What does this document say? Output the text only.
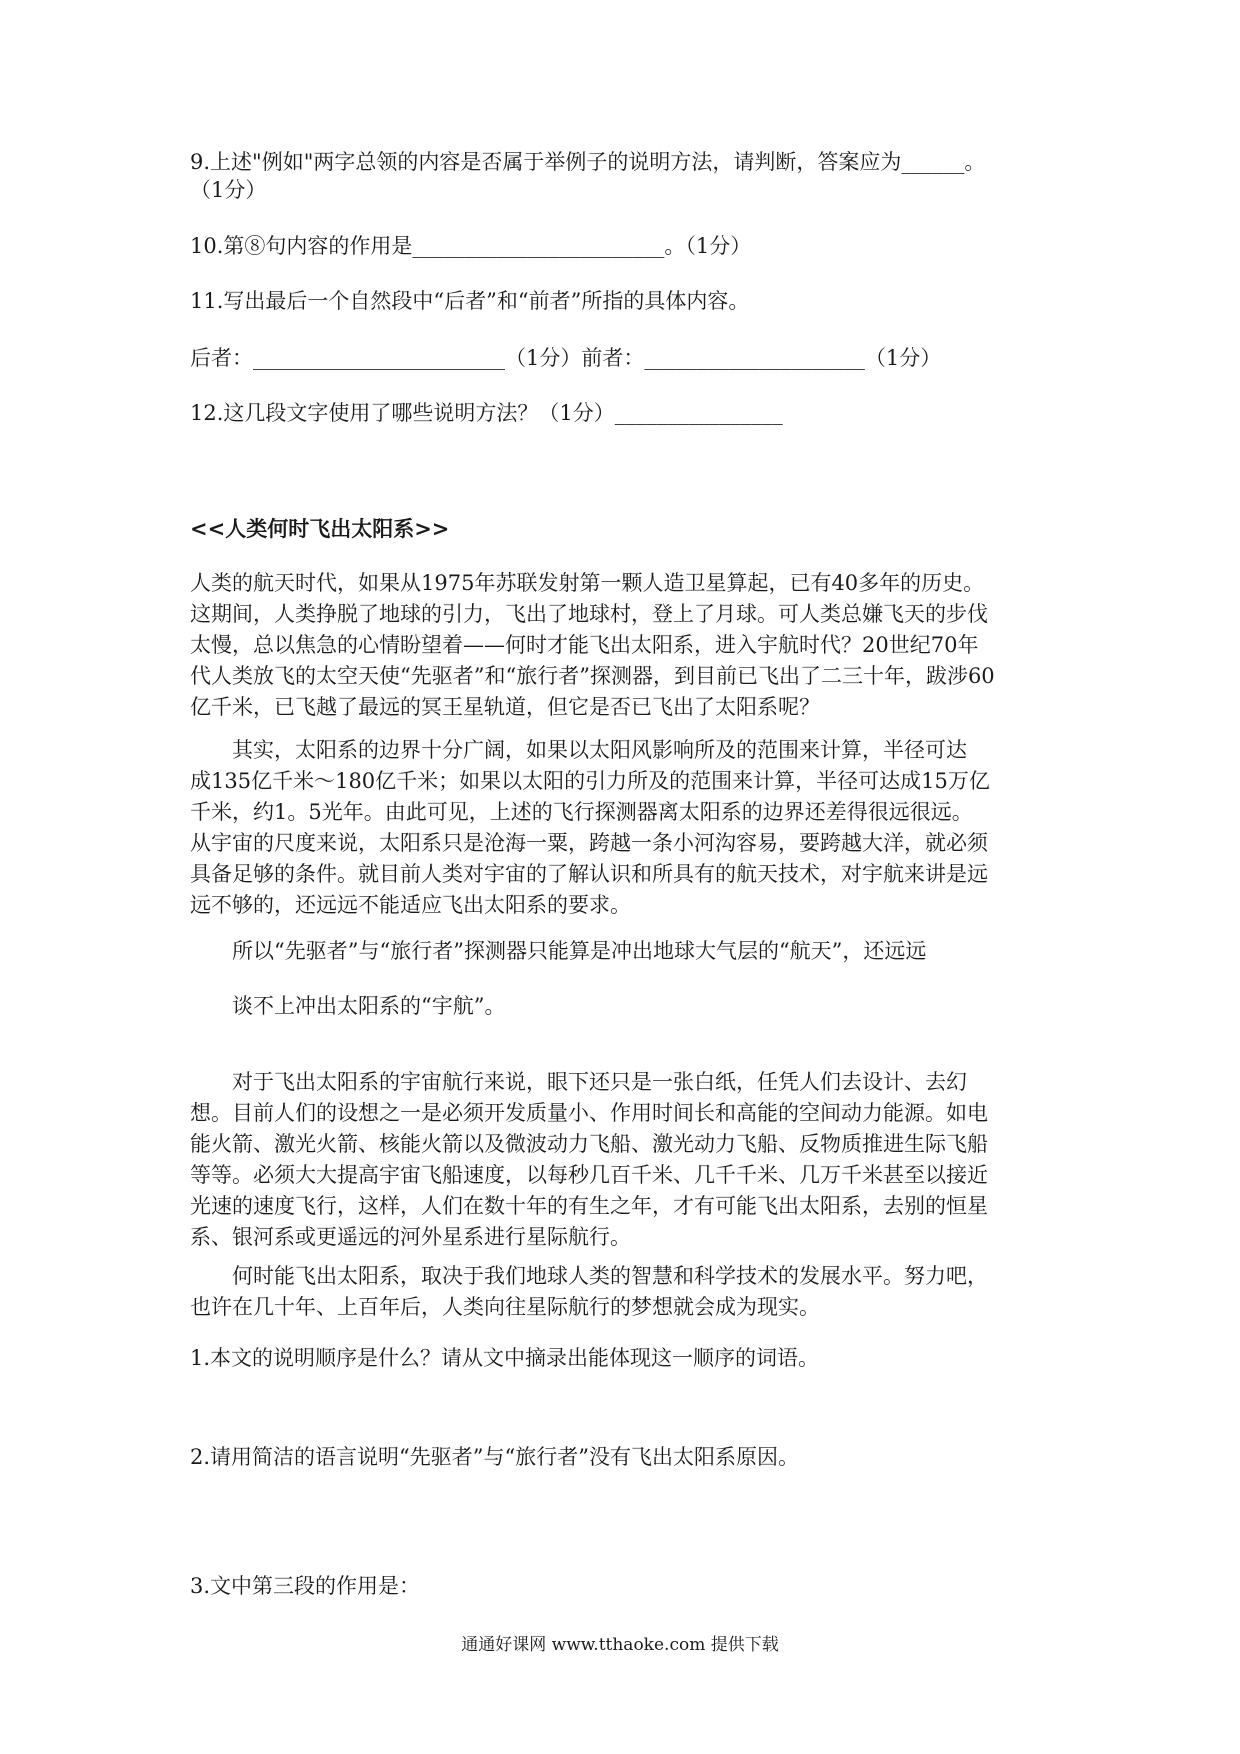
9.上述"例如"两字总领的内容是否属于举例子的说明方法，请判断，答案应为______。
（1分）
10.第⑧句内容的作用是________________________。（1分）
11.写出最后一个自然段中“后者”和“前者”所指的具体内容。
后者：________________________（1分）前者：_____________________（1分）
12.这几段文字使用了哪些说明方法？（1分）________________
<<人类何时飞出太阳系>>
人类的航天时代，如果从1975年苏联发射第一颗人造卫星算起，已有40多年的历史。
这期间，人类挣脱了地球的引力，飞出了地球村，登上了月球。可人类总嫌飞天的步伐
太慢，总以焦急的心情盼望着——何时才能飞出太阳系，进入宇航时代？20世纪70年
代人类放飞的太空天使“先驱者”和“旅行者”探测器，到目前已飞出了二三十年，跋涉60
亿千米，已飞越了最远的冥王星轨道，但它是否已飞出了太阳系呢？
　　其实，太阳系的边界十分广阔，如果以太阳风影响所及的范围来计算，半径可达
成135亿千米～180亿千米；如果以太阳的引力所及的范围来计算，半径可达成15万亿
千米，约1。5光年。由此可见，上述的飞行探测器离太阳系的边界还差得很远很远。
从宇宙的尺度来说，太阳系只是沧海一粟，跨越一条小河沟容易，要跨越大洋，就必须
具备足够的条件。就目前人类对宇宙的了解认识和所具有的航天技术，对宇航来讲是远
远不够的，还远远不能适应飞出太阳系的要求。
所以“先驱者”与“旅行者”探测器只能算是冲出地球大气层的“航天”，还远远
谈不上冲出太阳系的“宇航”。
　　对于飞出太阳系的宇宙航行来说，眼下还只是一张白纸，任凭人们去设计、去幻
想。目前人们的设想之一是必须开发质量小、作用时间长和高能的空间动力能源。如电
能火箭、激光火箭、核能火箭以及微波动力飞船、激光动力飞船、反物质推进生际飞船
等等。必须大大提高宇宙飞船速度，以每秒几百千米、几千千米、几万千米甚至以接近
光速的速度飞行，这样，人们在数十年的有生之年，才有可能飞出太阳系，去别的恒星
系、银河系或更遥远的河外星系进行星际航行。
　　何时能飞出太阳系，取决于我们地球人类的智慧和科学技术的发展水平。努力吧，
也许在几十年、上百年后，人类向往星际航行的梦想就会成为现实。
1.本文的说明顺序是什么？请从文中摘录出能体现这一顺序的词语。
2.请用简洁的语言说明“先驱者”与“旅行者”没有飞出太阳系原因。
3.文中第三段的作用是：
通通好课网 www.tthaoke.com 提供下载
